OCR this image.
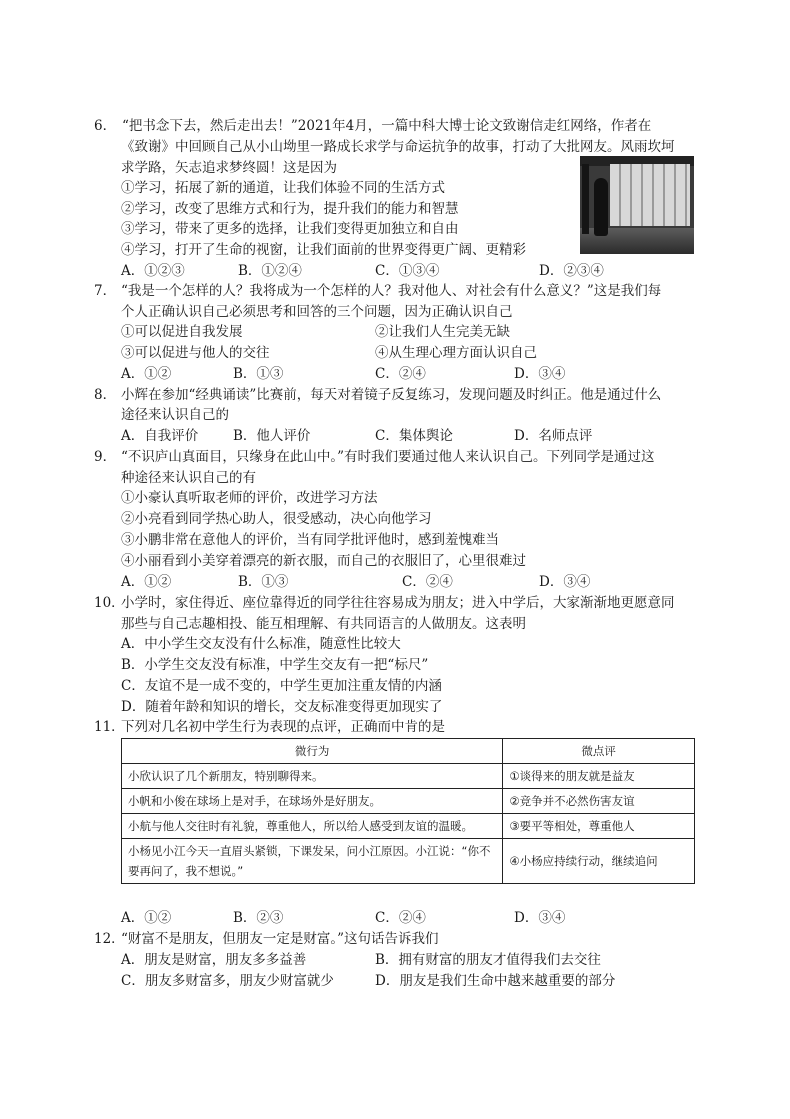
6． “把书念下去，然后走出去！”2021年4月，一篇中科大博士论文致谢信走红网络，作者在
《致谢》中回顾自己从小山坳里一路成长求学与命运抗争的故事，打动了大批网友。风雨坎坷
求学路，矢志追求梦终圆！这是因为
①学习，拓展了新的通道，让我们体验不同的生活方式
②学习，改变了思维方式和行为，提升我们的能力和智慧
③学习，带来了更多的选择，让我们变得更加独立和自由
④学习，打开了生命的视窗，让我们面前的世界变得更广阔、更精彩
A．①②③	B．①②④	C．①③④	D．②③④
7． “我是一个怎样的人？我将成为一个怎样的人？我对他人、对社会有什么意义？”这是我们每
个人正确认识自己必须思考和回答的三个问题，因为正确认识自己
①可以促进自我发展	②让我们人生完美无缺
③可以促进与他人的交往	④从生理心理方面认识自己
A．①②	B．①③	C．②④	D．③④
8． 小辉在参加“经典诵读”比赛前，每天对着镜子反复练习，发现问题及时纠正。他是通过什么
途径来认识自己的
A．自我评价	B．他人评价	C．集体舆论	D．名师点评
9． “不识庐山真面目，只缘身在此山中。”有时我们要通过他人来认识自己。下列同学是通过这
种途径来认识自己的有
①小豪认真听取老师的评价，改进学习方法
②小亮看到同学热心助人，很受感动，决心向他学习
③小鹏非常在意他人的评价，当有同学批评他时，感到羞愧难当
④小丽看到小美穿着漂亮的新衣服，而自己的衣服旧了，心里很难过
A．①②	B．①③	C．②④	D．③④
10．
小学时，家住得近、座位靠得近的同学往往容易成为朋友；进入中学后，大家渐渐地更愿意同
那些与自己志趣相投、能互相理解、有共同语言的人做朋友。这表明
A．中小学生交友没有什么标准，随意性比较大
B．小学生交友没有标准，中学生交友有一把“标尺”
C．友谊不是一成不变的，中学生更加注重友情的内涵
D．随着年龄和知识的增长，交友标准变得更加现实了
11．
下列对几名初中学生行为表现的点评，正确而中肯的是
微行为	微点评
小欣认识了几个新朋友，特别聊得来。	①谈得来的朋友就是益友
小帆和小俊在球场上是对手，在球场外是好朋友。	②竞争并不必然伤害友谊
小航与他人交往时有礼貌，尊重他人，所以给人感受到友谊的温暖。	③要平等相处，尊重他人
小杨见小江今天一直眉头紧锁，下课发呆，问小江原因。小江说：“你不要再问了，我不想说。”	④小杨应持续行动，继续追问
A．①②	B．②③	C．②④	D．③④
12．
“财富不是朋友，但朋友一定是财富。”这句话告诉我们
A．朋友是财富，朋友多多益善	B．拥有财富的朋友才值得我们去交往
C．朋友多财富多，朋友少财富就少	D．朋友是我们生命中越来越重要的部分
